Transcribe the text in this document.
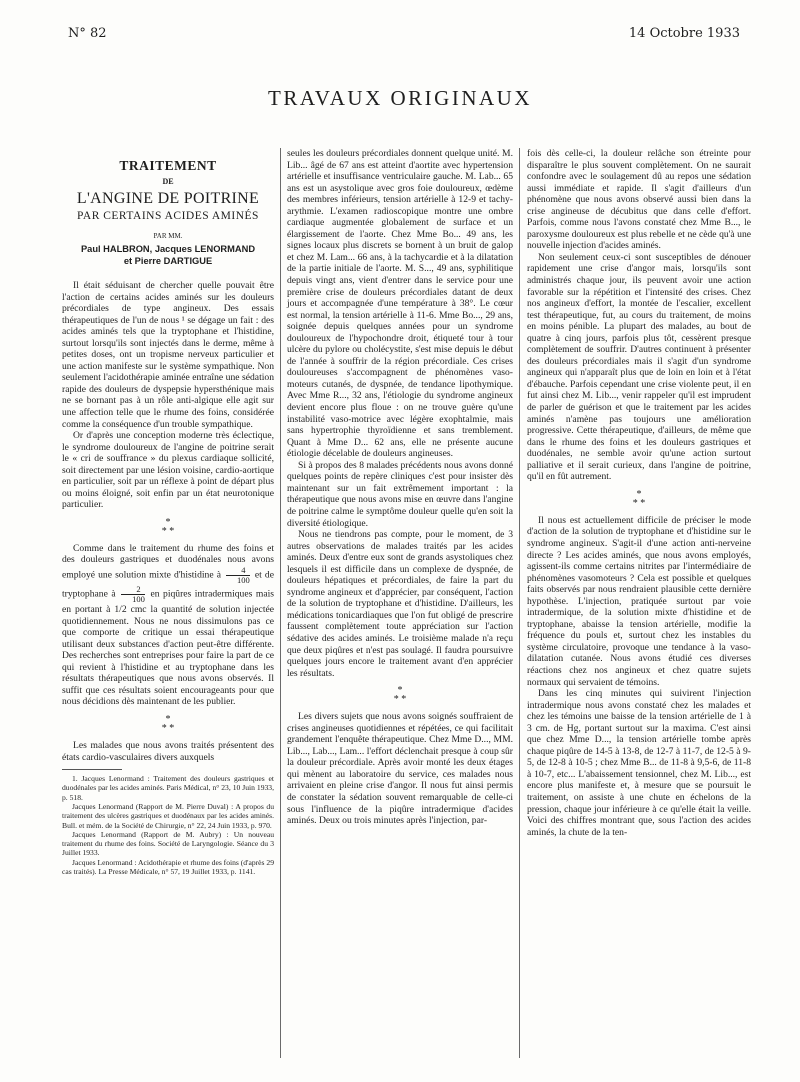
N° 82	14 Octobre 1933
TRAVAUX ORIGINAUX

TRAITEMENT

DE

L'ANGINE DE POITRINE

PAR CERTAINS ACIDES AMINÉS

PAR MM.

Paul HALBRON, Jacques LENORMAND

et Pierre DARTIGUE

Il était séduisant de chercher quelle pouvait être l'action de certains acides aminés sur les douleurs précordiales de type angineux. Des essais thérapeutiques de l'un de nous ¹ se dégage un fait : des acides aminés tels que la tryptophane et l'histidine, surtout lorsqu'ils sont injectés dans le derme, même à petites doses, ont un tropisme nerveux particulier et une action manifeste sur le système sympathique. Non seulement l'acidothérapie aminée entraîne une sédation rapide des douleurs de dyspepsie hypersthénique mais ne se bornant pas à un rôle anti-algique elle agit sur une affection telle que le rhume des foins, considérée comme la conséquence d'un trouble sympathique.

Or d'après une conception moderne très éclectique, le syndrome douloureux de l'angine de poitrine serait le « cri de souffrance » du plexus cardiaque sollicité, soit directement par une lésion voisine, cardio-aortique en particulier, soit par un réflexe à point de départ plus ou moins éloigné, soit enfin par un état neurotonique particulier.

*
* *

Comme dans le traitement du rhume des foins et des douleurs gastriques et duodénales nous avons employé une solution mixte d'histidine à $\frac{4}{100}$ et de tryptophane à $\frac{2}{100}$ en piqûres intradermiques mais en portant à 1/2 cmc la quantité de solution injectée quotidiennement. Nous ne nous dissimulons pas ce que comporte de critique un essai thérapeutique utilisant deux substances d'action peut-être différente. Des recherches sont entreprises pour faire la part de ce qui revient à l'histidine et au tryptophane dans les résultats thérapeutiques que nous avons observés. Il suffit que ces résultats soient encourageants pour que nous décidions dès maintenant de les publier.

*
* *

Les malades que nous avons traités présentent des états cardio-vasculaires divers auxquels

1. Jacques Lenormand : Traitement des douleurs gastriques et duodénales par les acides aminés. Paris Médical, n° 23, 10 Juin 1933, p. 518.

Jacques Lenormand (Rapport de M. Pierre Duval) : A propos du traitement des ulcères gastriques et duodénaux par les acides aminés. Bull. et mém. de la Société de Chirurgie, n° 22, 24 Juin 1933, p. 970.

Jacques Lenormand (Rapport de M. Aubry) : Un nouveau traitement du rhume des foins. Société de Laryngologie. Séance du 3 Juillet 1933.

Jacques Lenormand : Acidothérapie et rhume des foins (d'après 29 cas traités). La Presse Médicale, n° 57, 19 Juillet 1933, p. 1141.

seules les douleurs précordiales donnent quelque unité. M. Lib... âgé de 67 ans est atteint d'aortite avec hypertension artérielle et insuffisance ventriculaire gauche. M. Lab... 65 ans est un asystolique avec gros foie douloureux, œdème des membres inférieurs, tension artérielle à 12-9 et tachy-arythmie. L'examen radioscopique montre une ombre cardiaque augmentée globalement de surface et un élargissement de l'aorte. Chez Mme Bo... 49 ans, les signes locaux plus discrets se bornent à un bruit de galop et chez M. Lam... 66 ans, à la tachycardie et à la dilatation de la partie initiale de l'aorte. M. S..., 49 ans, syphilitique depuis vingt ans, vient d'entrer dans le service pour une première crise de douleurs précordiales datant de deux jours et accompagnée d'une température à 38°. Le cœur est normal, la tension artérielle à 11-6. Mme Bo..., 29 ans, soignée depuis quelques années pour un syndrome douloureux de l'hypochondre droit, étiqueté tour à tour ulcère du pylore ou cholécystite, s'est mise depuis le début de l'année à souffrir de la région précordiale. Ces crises douloureuses s'accompagnent de phénomènes vaso-moteurs cutanés, de dyspnée, de tendance lipothymique. Avec Mme R..., 32 ans, l'étiologie du syndrome angineux devient encore plus floue : on ne trouve guère qu'une instabilité vaso-motrice avec légère exophtalmie, mais sans hypertrophie thyroïdienne et sans tremblement. Quant à Mme D... 62 ans, elle ne présente aucune étiologie décelable de douleurs angineuses.

Si à propos des 8 malades précédents nous avons donné quelques points de repère cliniques c'est pour insister dès maintenant sur un fait extrêmement important : la thérapeutique que nous avons mise en œuvre dans l'angine de poitrine calme le symptôme douleur quelle qu'en soit la diversité étiologique.

Nous ne tiendrons pas compte, pour le moment, de 3 autres observations de malades traités par les acides aminés. Deux d'entre eux sont de grands asystoliques chez lesquels il est difficile dans un complexe de dyspnée, de douleurs hépatiques et précordiales, de faire la part du syndrome angineux et d'apprécier, par conséquent, l'action de la solution de tryptophane et d'histidine. D'ailleurs, les médications tonicardiaques que l'on fut obligé de prescrire faussent complètement toute appréciation sur l'action sédative des acides aminés. Le troisième malade n'a reçu que deux piqûres et n'est pas soulagé. Il faudra poursuivre quelques jours encore le traitement avant d'en apprécier les résultats.

*
* *

Les divers sujets que nous avons soignés souffraient de crises angineuses quotidiennes et répétées, ce qui facilitait grandement l'enquête thérapeutique. Chez Mme D..., MM. Lib..., Lab..., Lam... l'effort déclenchait presque à coup sûr la douleur précordiale. Après avoir monté les deux étages qui mènent au laboratoire du service, ces malades nous arrivaient en pleine crise d'angor. Il nous fut ainsi permis de constater la sédation souvent remarquable de celle-ci sous l'influence de la piqûre intradermique d'acides aminés. Deux ou trois minutes après l'injection, par-

fois dès celle-ci, la douleur relâche son étreinte pour disparaître le plus souvent complètement. On ne saurait confondre avec le soulagement dû au repos une sédation aussi immédiate et rapide. Il s'agit d'ailleurs d'un phénomène que nous avons observé aussi bien dans la crise angineuse de décubitus que dans celle d'effort. Parfois, comme nous l'avons constaté chez Mme B..., le paroxysme douloureux est plus rebelle et ne cède qu'à une nouvelle injection d'acides aminés.

Non seulement ceux-ci sont susceptibles de dénouer rapidement une crise d'angor mais, lorsqu'ils sont administrés chaque jour, ils peuvent avoir une action favorable sur la répétition et l'intensité des crises. Chez nos angineux d'effort, la montée de l'escalier, excellent test thérapeutique, fut, au cours du traitement, de moins en moins pénible. La plupart des malades, au bout de quatre à cinq jours, parfois plus tôt, cessèrent presque complètement de souffrir. D'autres continuent à présenter des douleurs précordiales mais il s'agit d'un syndrome angineux qui n'apparaît plus que de loin en loin et à l'état d'ébauche. Parfois cependant une crise violente peut, il en fut ainsi chez M. Lib..., venir rappeler qu'il est imprudent de parler de guérison et que le traitement par les acides aminés n'amène pas toujours une amélioration progressive. Cette thérapeutique, d'ailleurs, de même que dans le rhume des foins et les douleurs gastriques et duodénales, ne semble avoir qu'une action surtout palliative et il serait curieux, dans l'angine de poitrine, qu'il en fût autrement.

*
* *

Il nous est actuellement difficile de préciser le mode d'action de la solution de tryptophane et d'histidine sur le syndrome angineux. S'agit-il d'une action anti-nerveine directe ? Les acides aminés, que nous avons employés, agissent-ils comme certains nitrites par l'intermédiaire de phénomènes vasomoteurs ? Cela est possible et quelques faits observés par nous rendraient plausible cette dernière hypothèse. L'injection, pratiquée surtout par voie intradermique, de la solution mixte d'histidine et de tryptophane, abaisse la tension artérielle, modifie la fréquence du pouls et, surtout chez les instables du système circulatoire, provoque une tendance à la vaso-dilatation cutanée. Nous avons étudié ces diverses réactions chez nos angineux et chez quatre sujets normaux qui servaient de témoins.

Dans les cinq minutes qui suivirent l'injection intradermique nous avons constaté chez les malades et chez les témoins une baisse de la tension artérielle de 1 à 3 cm. de Hg, portant surtout sur la maxima. C'est ainsi que chez Mme D..., la tension artérielle tombe après chaque piqûre de 14-5 à 13-8, de 12-7 à 11-7, de 12-5 à 9-5, de 12-8 à 10-5 ; chez Mme B... de 11-8 à 9,5-6, de 11-8 à 10-7, etc... L'abaissement tensionnel, chez M. Lib..., est encore plus manifeste et, à mesure que se poursuit le traitement, on assiste à une chute en échelons de la pression, chaque jour inférieure à ce qu'elle était la veille. Voici des chiffres montrant que, sous l'action des acides aminés, la chute de la ten-
